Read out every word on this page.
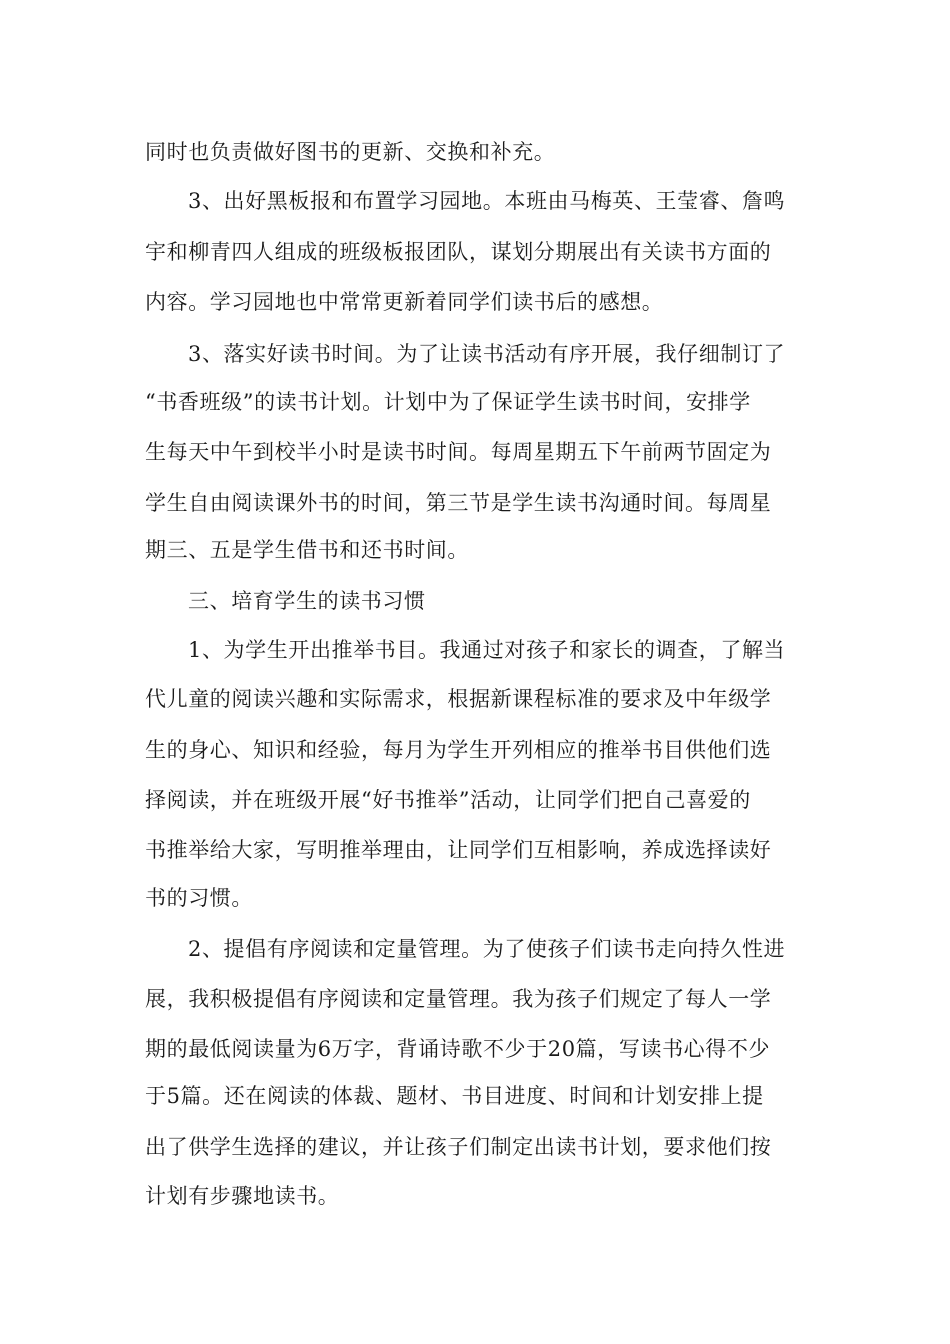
同时也负责做好图书的更新、交换和补充。

3、出好黑板报和布置学习园地。本班由马梅英、王莹睿、詹鸣

宇和柳青四人组成的班级板报团队，谋划分期展出有关读书方面的

内容。学习园地也中常常更新着同学们读书后的感想。

3、落实好读书时间。为了让读书活动有序开展，我仔细制订了

“书香班级”的读书计划。计划中为了保证学生读书时间，安排学

生每天中午到校半小时是读书时间。每周星期五下午前两节固定为

学生自由阅读课外书的时间，第三节是学生读书沟通时间。每周星

期三、五是学生借书和还书时间。

三、培育学生的读书习惯

1、为学生开出推举书目。我通过对孩子和家长的调查，了解当

代儿童的阅读兴趣和实际需求，根据新课程标准的要求及中年级学

生的身心、知识和经验，每月为学生开列相应的推举书目供他们选

择阅读，并在班级开展“好书推举”活动，让同学们把自己喜爱的

书推举给大家，写明推举理由，让同学们互相影响，养成选择读好

书的习惯。

2、提倡有序阅读和定量管理。为了使孩子们读书走向持久性进

展，我积极提倡有序阅读和定量管理。我为孩子们规定了每人一学

期的最低阅读量为6万字，背诵诗歌不少于20篇，写读书心得不少

于5篇。还在阅读的体裁、题材、书目进度、时间和计划安排上提

出了供学生选择的建议，并让孩子们制定出读书计划，要求他们按

计划有步骤地读书。
